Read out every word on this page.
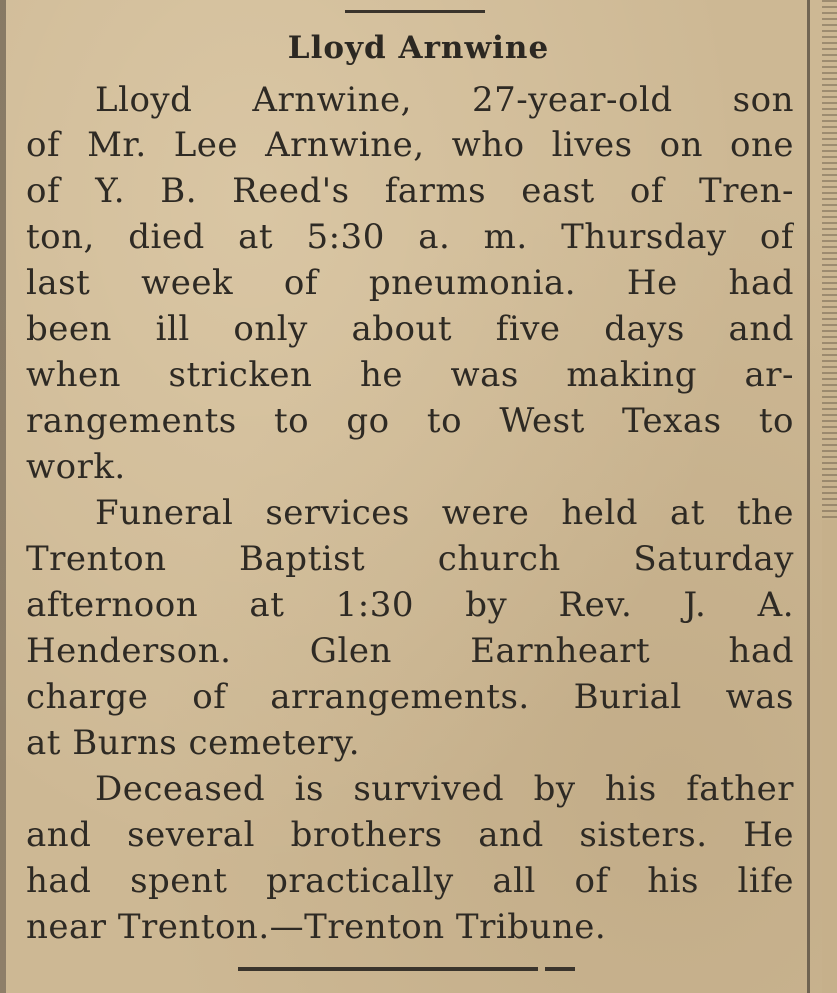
Lloyd Arnwine
Lloyd Arnwine, 27-year-old son
of Mr. Lee Arnwine, who lives on one
of Y. B. Reed's farms east of Tren-
ton, died at 5:30 a. m. Thursday of
last week of pneumonia. He had
been ill only about five days and
when stricken he was making ar-
rangements to go to West Texas to
work.
Funeral services were held at the
Trenton Baptist church Saturday
afternoon at 1:30 by Rev. J. A.
Henderson. Glen Earnheart had
charge of arrangements. Burial was
at Burns cemetery.
Deceased is survived by his father
and several brothers and sisters. He
had spent practically all of his life
near Trenton.—Trenton Tribune.
